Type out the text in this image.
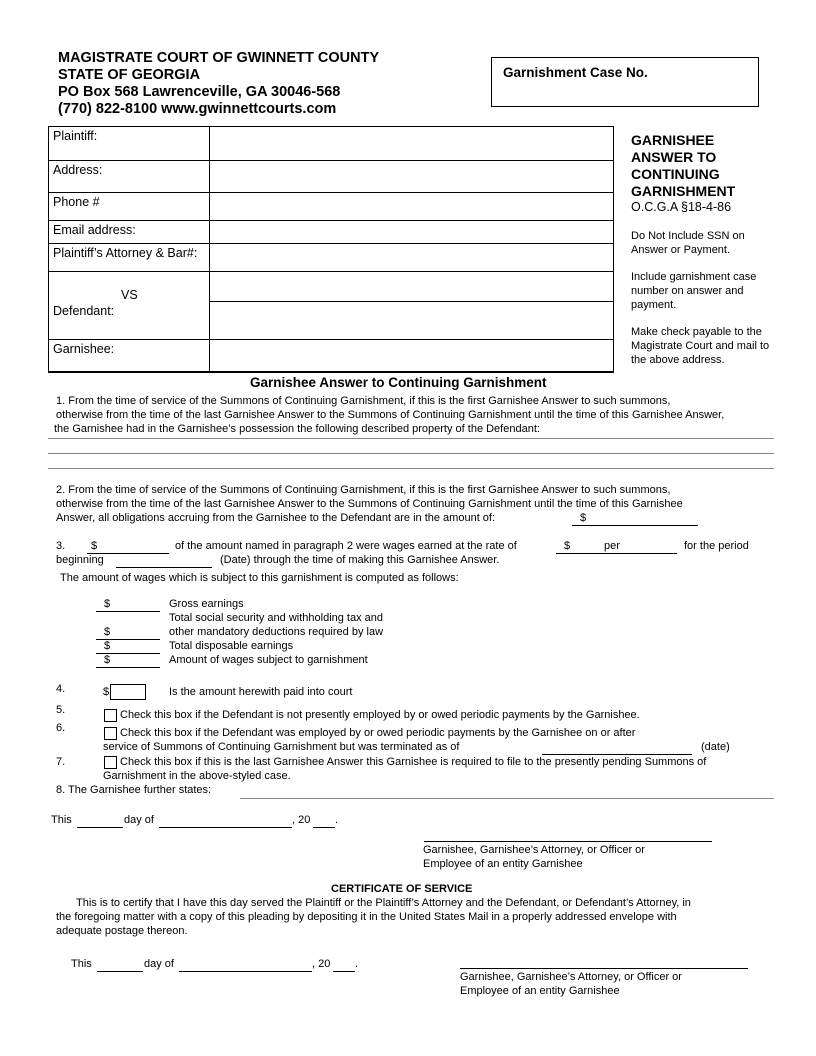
MAGISTRATE COURT OF GWINNETT COUNTY
STATE OF GEORGIA
PO Box 568 Lawrenceville, GA 30046-568
(770) 822-8100 www.gwinnettcourts.com
Garnishment Case No.
Plaintiff:	
Address:	
Phone #	
Email address:	
Plaintiff’s Attorney & Bar#:	

VS
Defendant:	

Garnishee:	
GARNISHEE
ANSWER TO
CONTINUING
GARNISHMENT
O.C.G.A §18-4-86
Do Not Include SSN on
Answer or Payment.
Include garnishment case
number on answer and
payment.
Make check payable to the
Magistrate Court and mail to
the above address.
Garnishee Answer to Continuing Garnishment
1. From the time of service of the Summons of Continuing Garnishment, if this is the first Garnishee Answer to such summons,
otherwise from the time of the last Garnishee Answer to the Summons of Continuing Garnishment until the time of this Garnishee Answer,
the Garnishee had in the Garnishee’s possession the following described property of the Defendant:
2. From the time of service of the Summons of Continuing Garnishment, if this is the first Garnishee Answer to such summons,
otherwise from the time of the last Garnishee Answer to the Summons of Continuing Garnishment until the time of this Garnishee
Answer, all obligations accruing from the Garnishee to the Defendant are in the amount of:	$
3. $	of the amount named in paragraph 2 were wages earned at the rate of	$	per	for the period
beginning	(Date) through the time of making this Garnishee Answer.
The amount of wages which is subject to this garnishment is computed as follows:
$	Gross earnings
Total social security and withholding tax and
$	other mandatory deductions required by law
$	Total disposable earnings
$	Amount of wages subject to garnishment
4.	$	Is the amount herewith paid into court
5.	Check this box if the Defendant is not presently employed by or owed periodic payments by the Garnishee.
6.	Check this box if the Defendant was employed by or owed periodic payments by the Garnishee on or after
service of Summons of Continuing Garnishment but was terminated as of	(date)
7.	Check this box if this is the last Garnishee Answer this Garnishee is required to file to the presently pending Summons of
Garnishment in the above-styled case.
8. The Garnishee further states:
This	day of	, 20 .
Garnishee, Garnishee’s Attorney, or Officer or
Employee of an entity Garnishee
CERTIFICATE OF SERVICE
This is to certify that I have this day served the Plaintiff or the Plaintiff’s Attorney and the Defendant, or Defendant’s Attorney, in
the foregoing matter with a copy of this pleading by depositing it in the United States Mail in a properly addressed envelope with
adequate postage thereon.
This	day of	, 20 .
Garnishee, Garnishee’s Attorney, or Officer or
Employee of an entity Garnishee
